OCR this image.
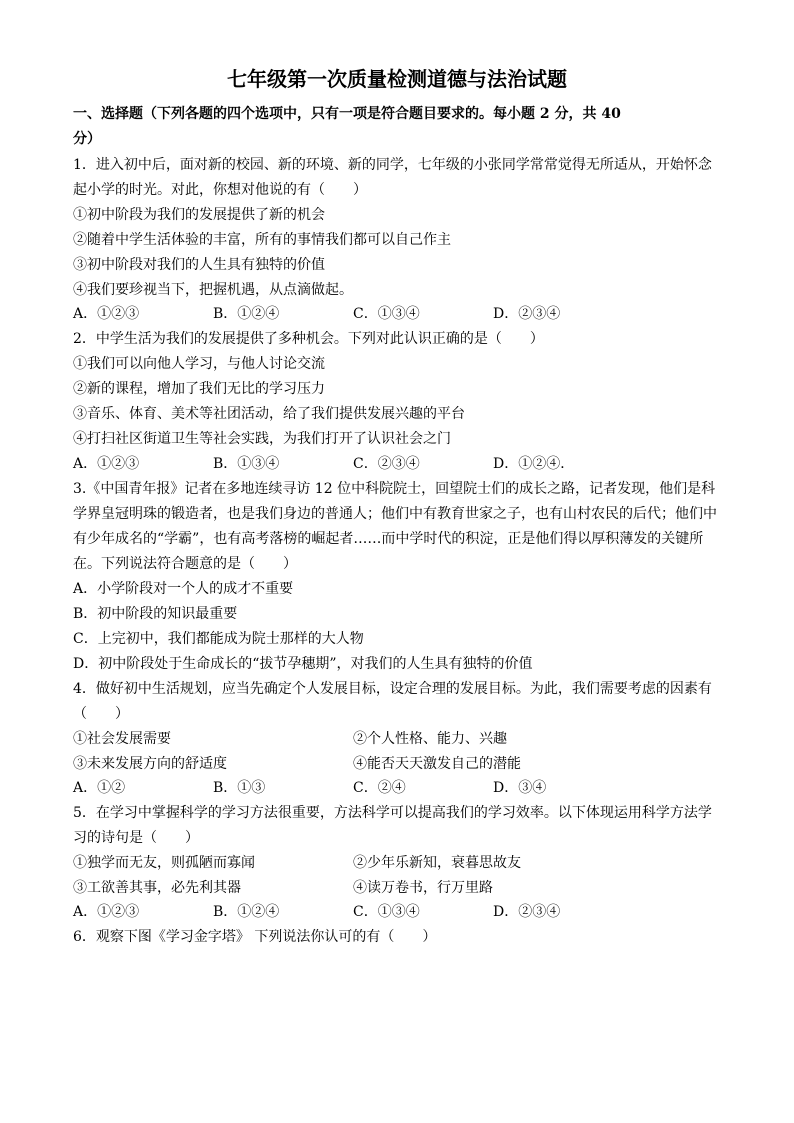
七年级第一次质量检测道德与法治试题
一、选择题（下列各题的四个选项中，只有一项是符合题目要求的。每小题 2 分，共 40
分）
1．进入初中后，面对新的校园、新的环境、新的同学，七年级的小张同学常常觉得无所适从，开始怀念
起小学的时光。对此，你想对他说的有（　　）
①初中阶段为我们的发展提供了新的机会
②随着中学生活体验的丰富，所有的事情我们都可以自己作主
③初中阶段对我们的人生具有独特的价值
④我们要珍视当下，把握机遇，从点滴做起。
A．①②③	B．①②④	C．①③④	D．②③④
2．中学生活为我们的发展提供了多种机会。下列对此认识正确的是（　　）
①我们可以向他人学习，与他人讨论交流
②新的课程，增加了我们无比的学习压力
③音乐、体育、美术等社团活动，给了我们提供发展兴趣的平台
④打扫社区街道卫生等社会实践，为我们打开了认识社会之门
A．①②③	B．①③④	C．②③④	D．①②④．
3.《中国青年报》记者在多地连续寻访 12 位中科院院士，回望院士们的成长之路，记者发现，他们是科
学界皇冠明珠的锻造者，也是我们身边的普通人；他们中有教育世家之子，也有山村农民的后代；他们中
有少年成名的“学霸”，也有高考落榜的崛起者……而中学时代的积淀，正是他们得以厚积薄发的关键所
在。下列说法符合题意的是（　　）
A．小学阶段对一个人的成才不重要
B．初中阶段的知识最重要
C．上完初中，我们都能成为院士那样的大人物
D．初中阶段处于生命成长的“拔节孕穗期”，对我们的人生具有独特的价值
4．做好初中生活规划，应当先确定个人发展目标，设定合理的发展目标。为此，我们需要考虑的因素有
（　　）
①社会发展需要	②个人性格、能力、兴趣
③未来发展方向的舒适度	④能否天天激发自己的潜能
A．①②	B．①③	C．②④	D．③④
5．在学习中掌握科学的学习方法很重要，方法科学可以提高我们的学习效率。以下体现运用科学方法学
习的诗句是（　　）
①独学而无友，则孤陋而寡闻	②少年乐新知，衰暮思故友
③工欲善其事，必先利其器	④读万卷书，行万里路
A．①②③	B．①②④	C．①③④	D．②③④
6．观察下图《学习金字塔》 下列说法你认可的有（　　）
